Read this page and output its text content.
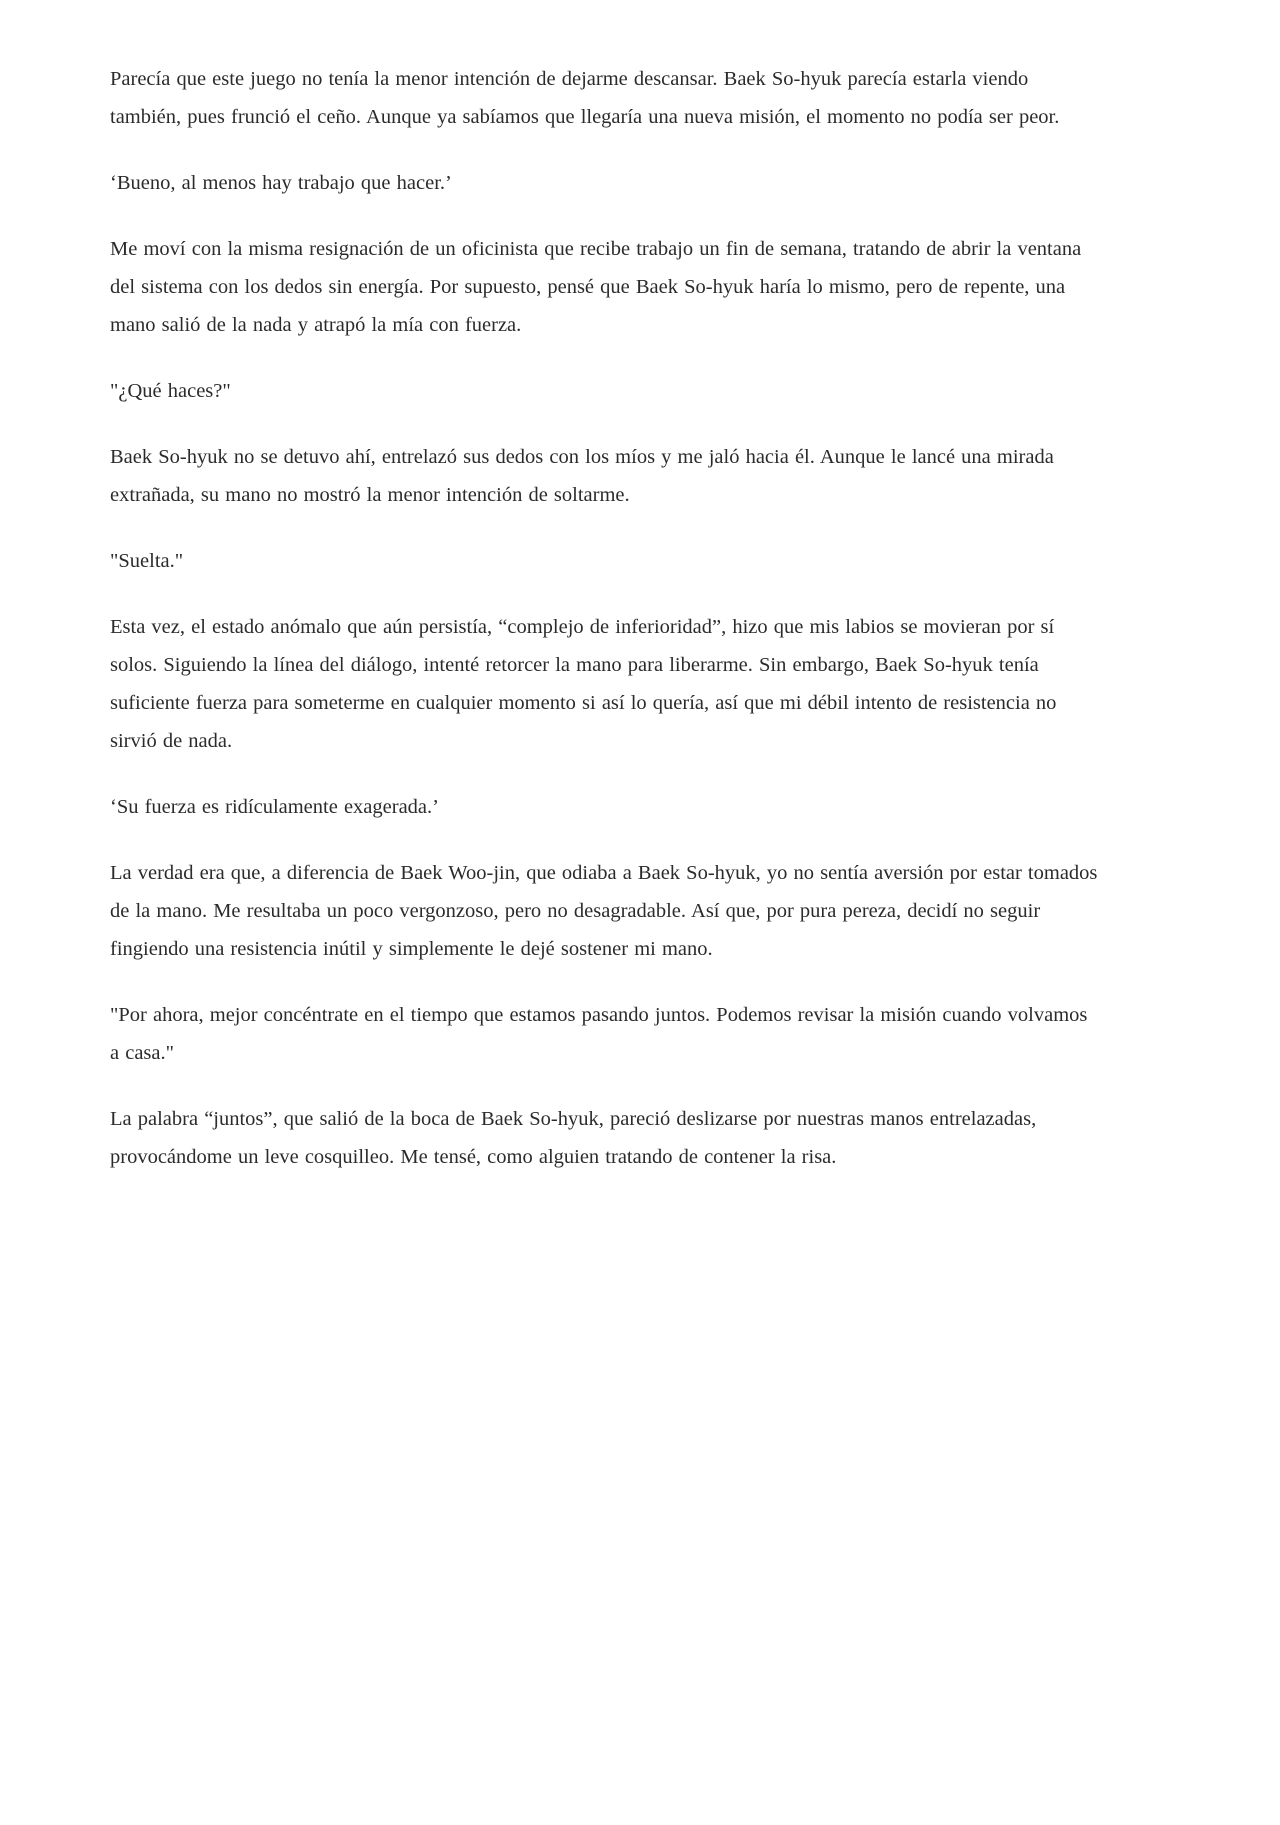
Parecía que este juego no tenía la menor intención de dejarme descansar. Baek So-hyuk parecía estarla viendo también, pues frunció el ceño. Aunque ya sabíamos que llegaría una nueva misión, el momento no podía ser peor.

‘Bueno, al menos hay trabajo que hacer.’

Me moví con la misma resignación de un oficinista que recibe trabajo un fin de semana, tratando de abrir la ventana del sistema con los dedos sin energía. Por supuesto, pensé que Baek So-hyuk haría lo mismo, pero de repente, una mano salió de la nada y atrapó la mía con fuerza.

"¿Qué haces?"

Baek So-hyuk no se detuvo ahí, entrelazó sus dedos con los míos y me jaló hacia él. Aunque le lancé una mirada extrañada, su mano no mostró la menor intención de soltarme.

"Suelta."

Esta vez, el estado anómalo que aún persistía, “complejo de inferioridad”, hizo que mis labios se movieran por sí solos. Siguiendo la línea del diálogo, intenté retorcer la mano para liberarme. Sin embargo, Baek So-hyuk tenía suficiente fuerza para someterme en cualquier momento si así lo quería, así que mi débil intento de resistencia no sirvió de nada.

‘Su fuerza es ridículamente exagerada.’

La verdad era que, a diferencia de Baek Woo-jin, que odiaba a Baek So-hyuk, yo no sentía aversión por estar tomados de la mano. Me resultaba un poco vergonzoso, pero no desagradable. Así que, por pura pereza, decidí no seguir fingiendo una resistencia inútil y simplemente le dejé sostener mi mano.

"Por ahora, mejor concéntrate en el tiempo que estamos pasando juntos. Podemos revisar la misión cuando volvamos a casa."

La palabra “juntos”, que salió de la boca de Baek So-hyuk, pareció deslizarse por nuestras manos entrelazadas, provocándome un leve cosquilleo. Me tensé, como alguien tratando de contener la risa.
